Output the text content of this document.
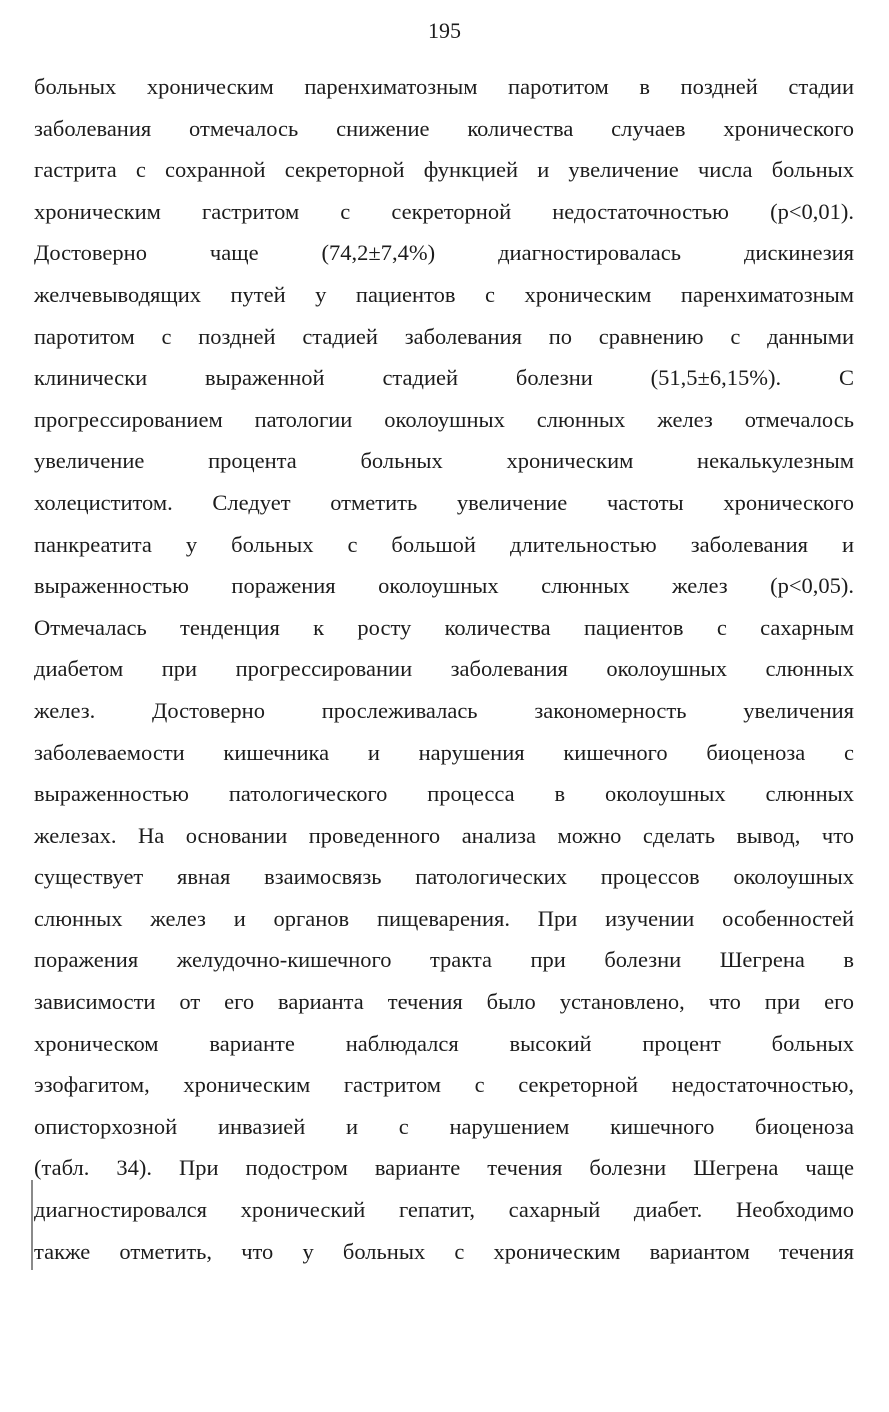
195
больных хроническим паренхиматозным паротитом в поздней стадии
заболевания отмечалось снижение количества случаев хронического
гастрита с сохранной секреторной функцией и увеличение числа больных
хроническим гастритом с секреторной недостаточностью (р<0,01).
Достоверно чаще (74,2±7,4%) диагностировалась дискинезия
желчевыводящих путей у пациентов с хроническим паренхиматозным
паротитом с поздней стадией заболевания по сравнению с данными
клинически выраженной стадией болезни (51,5±6,15%). С
прогрессированием патологии околоушных слюнных желез отмечалось
увеличение процента больных хроническим некалькулезным
холециститом. Следует отметить увеличение частоты хронического
панкреатита у больных с большой длительностью заболевания и
выраженностью поражения околоушных слюнных желез (р<0,05).
Отмечалась тенденция к росту количества пациентов с сахарным
диабетом при прогрессировании заболевания околоушных слюнных
желез. Достоверно прослеживалась закономерность увеличения
заболеваемости кишечника и нарушения кишечного биоценоза с
выраженностью патологического процесса в околоушных слюнных
железах. На основании проведенного анализа можно сделать вывод, что
существует явная взаимосвязь патологических процессов околоушных
слюнных желез и органов пищеварения. При изучении особенностей
поражения желудочно-кишечного тракта при болезни Шегрена в
зависимости от его варианта течения было установлено, что при его
хроническом варианте наблюдался высокий процент больных
эзофагитом, хроническим гастритом с секреторной недостаточностью,
описторхозной инвазией и с нарушением кишечного биоценоза
(табл. 34). При подостром варианте течения болезни Шегрена чаще
диагностировался хронический гепатит, сахарный диабет. Необходимо
также отметить, что у больных с хроническим вариантом течения
